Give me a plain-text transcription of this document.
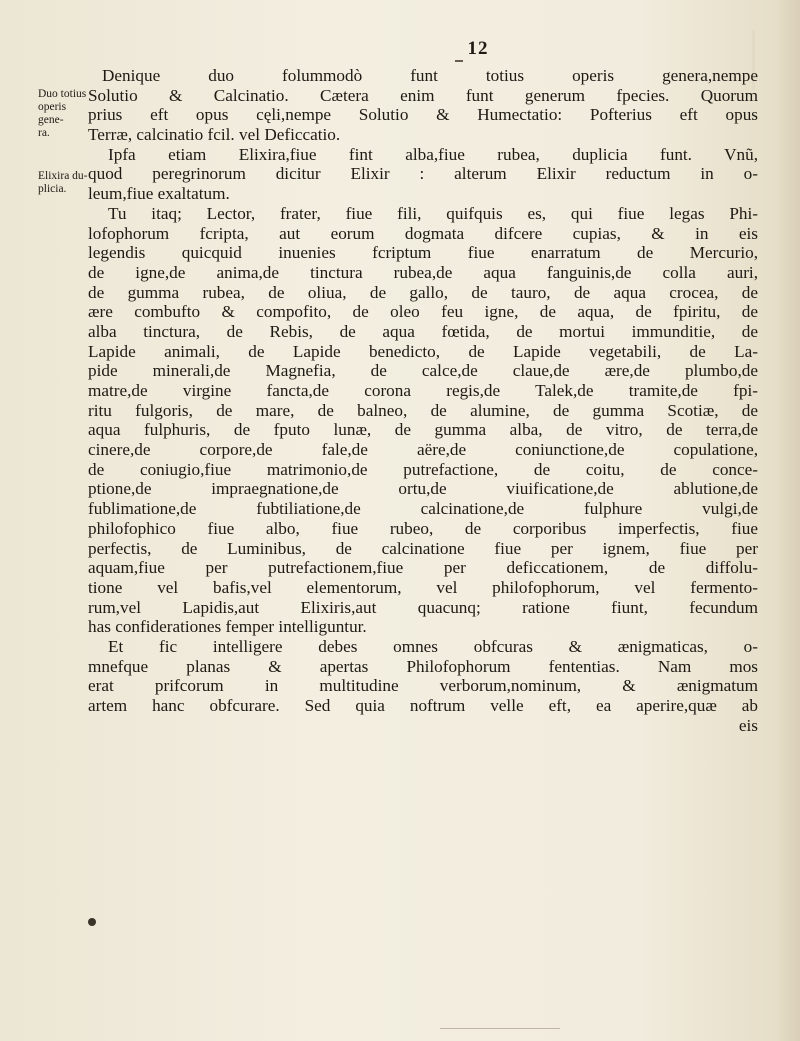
12
Duo totius
operis gene-
ra.
Elixira du-
plicia.
Denique duo folummodò funt totius operis genera,nempe
Solutio & Calcinatio. Cætera enim funt generum fpecies. Quorum
prius eft opus cęli,nempe Solutio & Humectatio: Pofterius eft opus
Terræ, calcinatio fcil. vel Deficcatio.
Ipfa etiam Elixira,fiue fint alba,fiue rubea, duplicia funt. Vnũ,
quod peregrinorum dicitur Elixir : alterum Elixir reductum in o-
leum,fiue exaltatum.
Tu itaq; Lector, frater, fiue fili, quifquis es, qui fiue legas Phi-
lofophorum fcripta, aut eorum dogmata difcere cupias, & in eis
legendis quicquid inuenies fcriptum fiue enarratum de Mercurio,
de igne,de anima,de tinctura rubea,de aqua fanguinis,de colla auri,
de gumma rubea, de oliua, de gallo, de tauro, de aqua crocea, de
ære combufto & compofito, de oleo feu igne, de aqua, de fpiritu, de
alba tinctura, de Rebis, de aqua fœtida, de mortui immunditie, de
Lapide animali, de Lapide benedicto, de Lapide vegetabili, de La-
pide minerali,de Magnefia, de calce,de claue,de ære,de plumbo,de
matre,de virgine fancta,de corona regis,de Talek,de tramite,de fpi-
ritu fulgoris, de mare, de balneo, de alumine, de gumma Scotiæ, de
aqua fulphuris, de fputo lunæ, de gumma alba, de vitro, de terra,de
cinere,de corpore,de fale,de aëre,de coniunctione,de copulatione,
de coniugio,fiue matrimonio,de putrefactione, de coitu, de conce-
ptione,de impraegnatione,de ortu,de viuificatione,de ablutione,de
fublimatione,de fubtiliatione,de calcinatione,de fulphure vulgi,de
philofophico fiue albo, fiue rubeo, de corporibus imperfectis, fiue
perfectis, de Luminibus, de calcinatione fiue per ignem, fiue per
aquam,fiue per putrefactionem,fiue per deficcationem, de diffolu-
tione vel bafis,vel elementorum, vel philofophorum, vel fermento-
rum,vel Lapidis,aut Elixiris,aut quacunq; ratione fiunt, fecundum
has confiderationes femper intelliguntur.
Et fic intelligere debes omnes obfcuras & ænigmaticas, o-
mnefque planas & apertas Philofophorum fententias. Nam mos
erat prifcorum in multitudine verborum,nominum, & ænigmatum
artem hanc obfcurare. Sed quia noftrum velle eft, ea aperire,quæ ab
eis
